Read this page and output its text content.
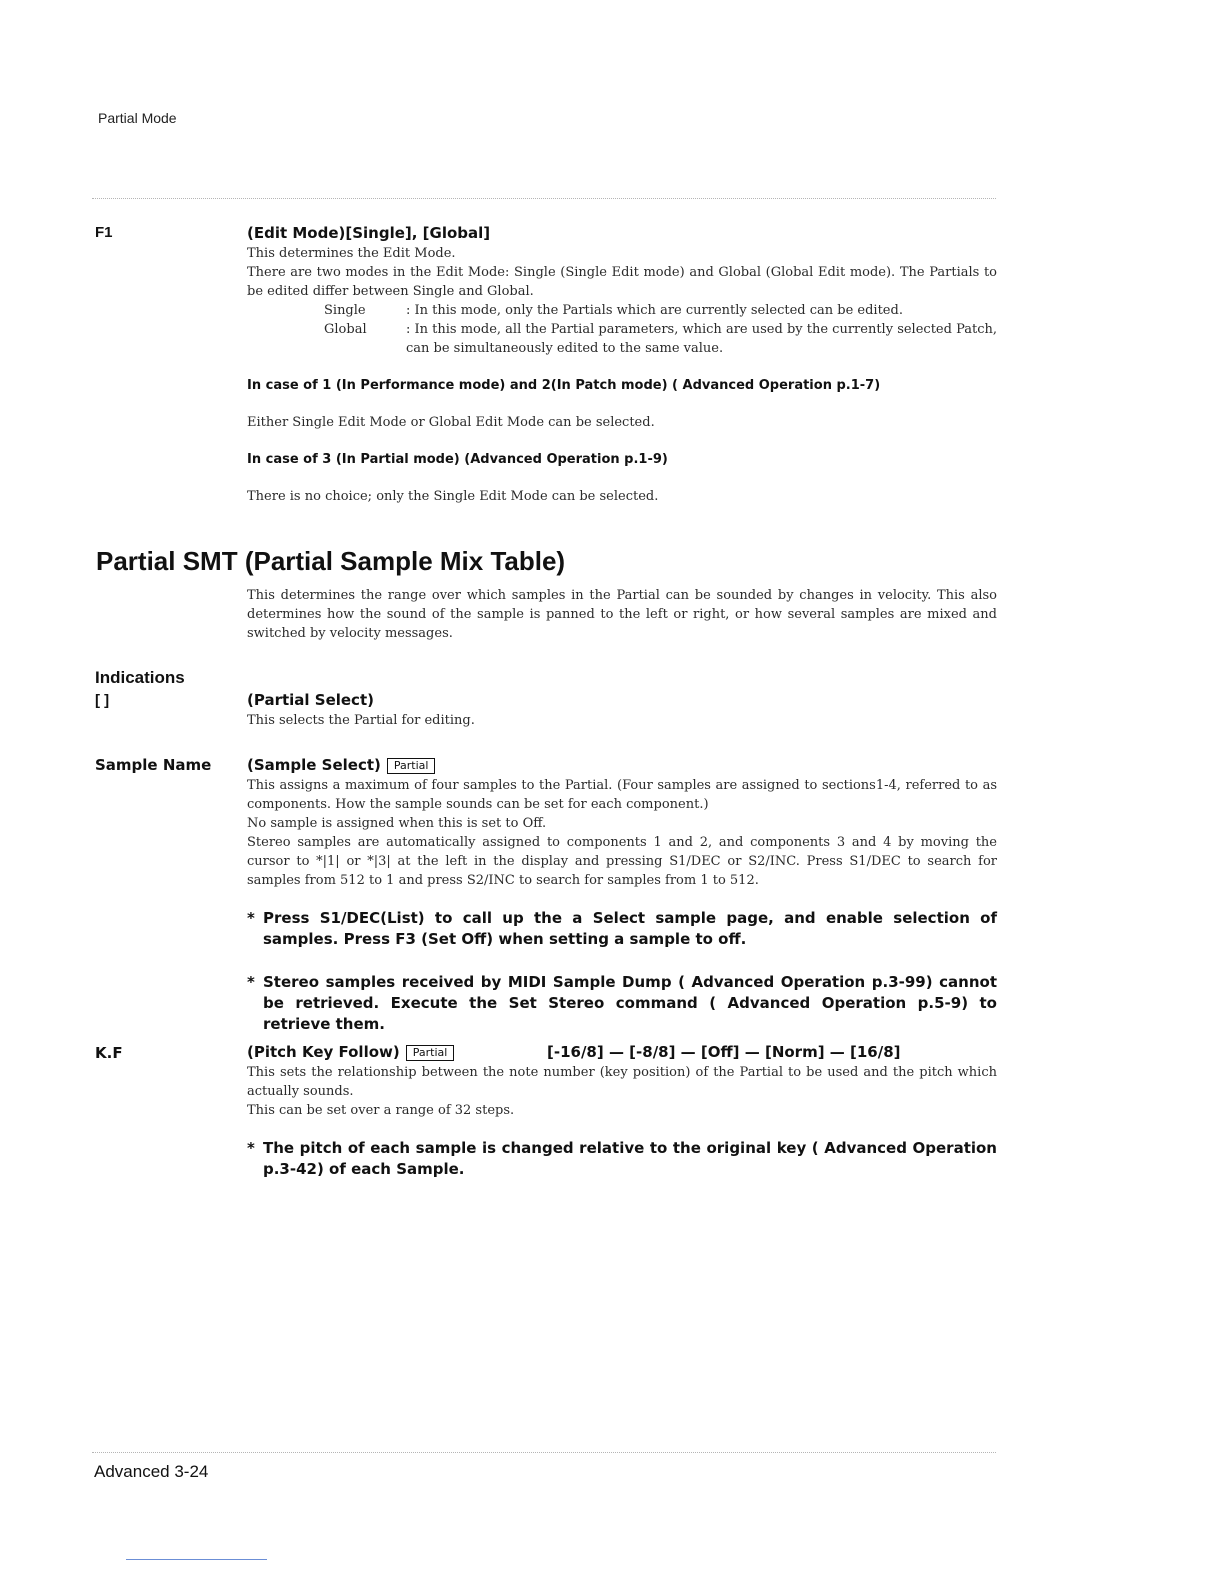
Partial Mode
F1	(Edit Mode)[Single], [Global]

This determines the Edit Mode.

There are two modes in the Edit Mode: Single (Single Edit mode) and Global (Global Edit mode). The Partials to be edited differ between Single and Global.

Single	: In this mode, only the Partials which are currently selected can be edited.
Global	: In this mode, all the Partial parameters, which are used by the currently selected Patch, can be simultaneously edited to the same value.
In case of 1 (In Performance mode) and 2(In Patch mode) ( Advanced Operation p.1-7)

Either Single Edit Mode or Global Edit Mode can be selected.

In case of 3 (In Partial mode) (Advanced Operation p.1-9)

There is no choice; only the Single Edit Mode can be selected.

Partial SMT (Partial Sample Mix Table)

This determines the range over which samples in the Partial can be sounded by changes in velocity. This also determines how the sound of the sample is panned to the left or right, or how several samples are mixed and switched by velocity messages.

Indications
[ ]	(Partial Select)

This selects the Partial for editing.

Sample Name (Sample Select) Partial

This assigns a maximum of four samples to the Partial. (Four samples are assigned to sections1-4, referred to as components. How the sample sounds can be set for each component.)

No sample is assigned when this is set to Off.

Stereo samples are automatically assigned to components 1 and 2, and components 3 and 4 by moving the cursor to *|1| or *|3| at the left in the display and pressing S1/DEC or S2/INC. Press S1/DEC to search for samples from 512 to 1 and press S2/INC to search for samples from 1 to 512.

* Press S1/DEC(List) to call up the a Select sample page, and enable selection of samples. Press F3 (Set Off) when setting a sample to off.
* Stereo samples received by MIDI Sample Dump ( Advanced Operation p.3-99) cannot be retrieved. Execute the Set Stereo command ( Advanced Operation p.5-9) to retrieve them.
K.F	(Pitch Key Follow) Partial	[-16/8] — [-8/8] — [Off] — [Norm] — [16/8]

This sets the relationship between the note number (key position) of the Partial to be used and the pitch which actually sounds.

This can be set over a range of 32 steps.

* The pitch of each sample is changed relative to the original key ( Advanced Operation p.3-42) of each Sample.
Advanced 3-24
